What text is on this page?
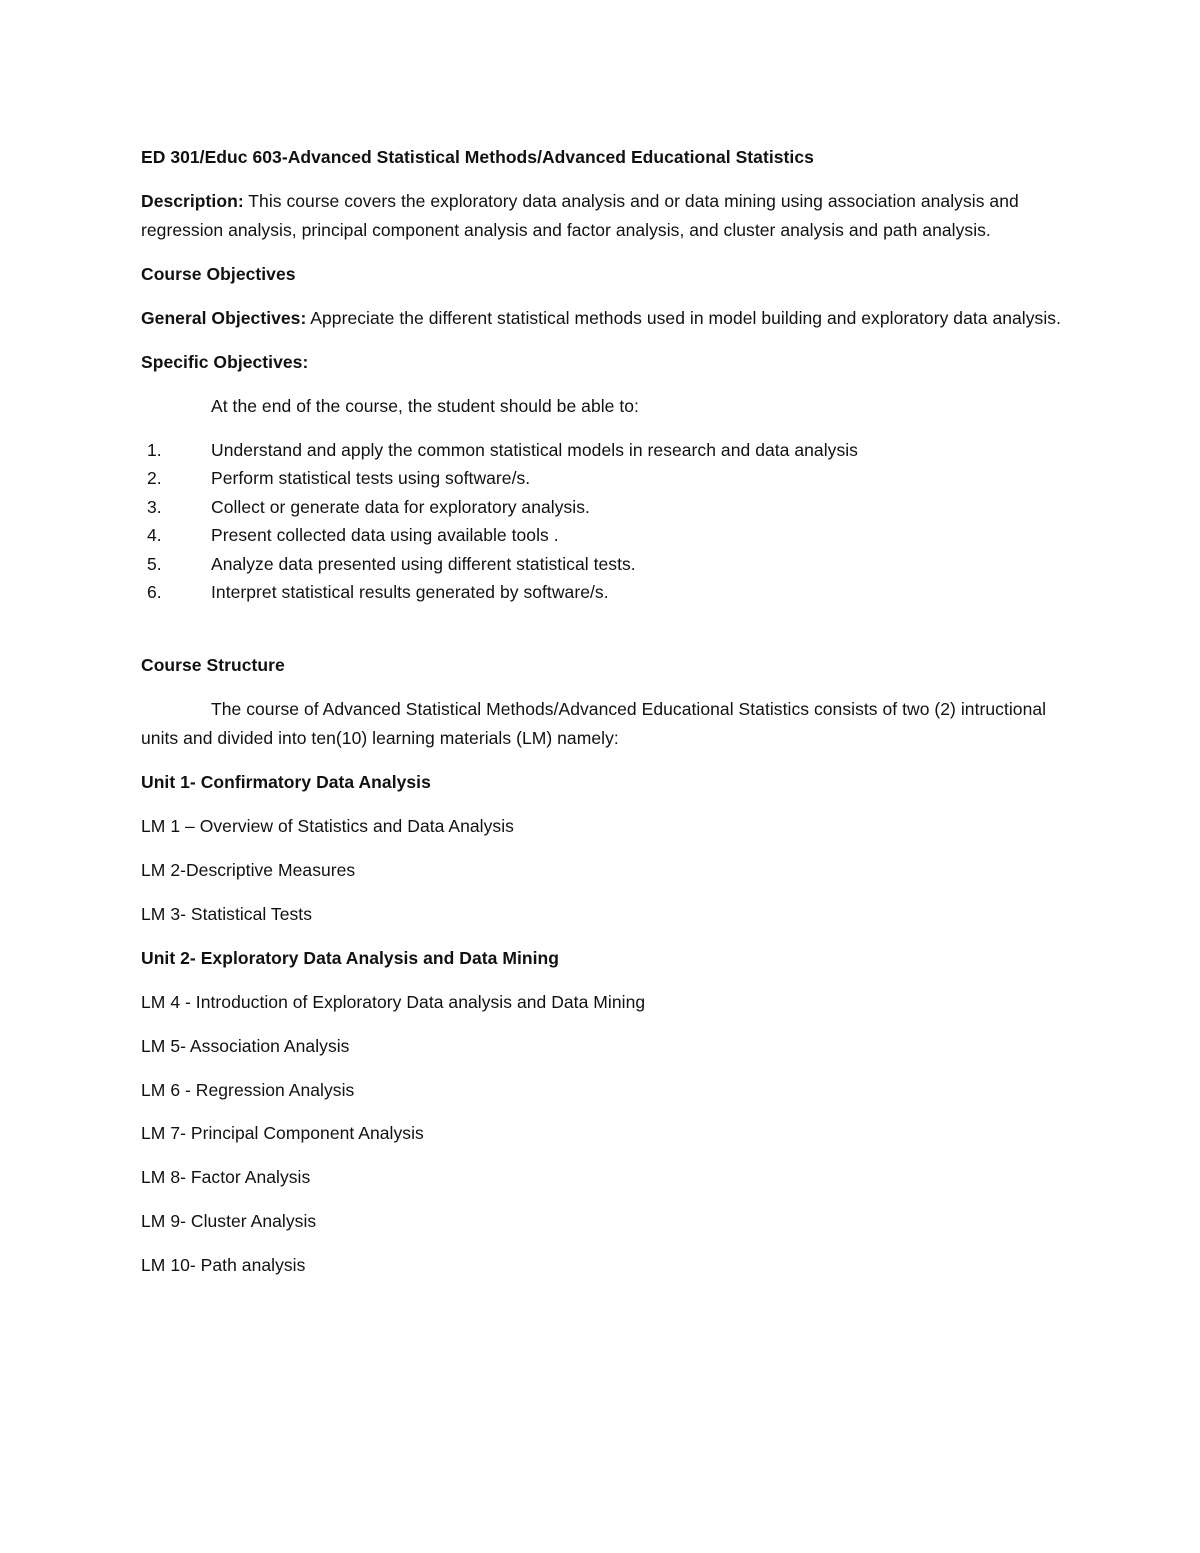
ED 301/Educ 603-Advanced Statistical Methods/Advanced Educational Statistics

Description: This course covers the exploratory data analysis and or data mining using association analysis and regression analysis, principal component analysis and factor analysis, and cluster analysis and path analysis.

Course Objectives

General Objectives: Appreciate the different statistical methods used in model building and exploratory data analysis.

Specific Objectives:

At the end of the course, the student should be able to:

1.	Understand and apply the common statistical models in research and data analysis
2.	Perform statistical tests using software/s.
3.	Collect or generate data for exploratory analysis.
4.	Present collected data using available tools .
5.	Analyze data presented using different statistical tests.
6.	Interpret statistical results generated by software/s.

Course Structure

The course of Advanced Statistical Methods/Advanced Educational Statistics consists of two (2) intructional units and divided into ten(10) learning materials (LM) namely:

Unit 1- Confirmatory Data Analysis

LM 1 – Overview of Statistics and Data Analysis

LM 2-Descriptive Measures

LM 3- Statistical Tests

Unit 2- Exploratory Data Analysis and Data Mining

LM 4 - Introduction of Exploratory Data analysis and Data Mining

LM 5- Association Analysis

LM 6 - Regression Analysis

LM 7- Principal Component Analysis

LM 8- Factor Analysis

LM 9- Cluster Analysis

LM 10- Path analysis
